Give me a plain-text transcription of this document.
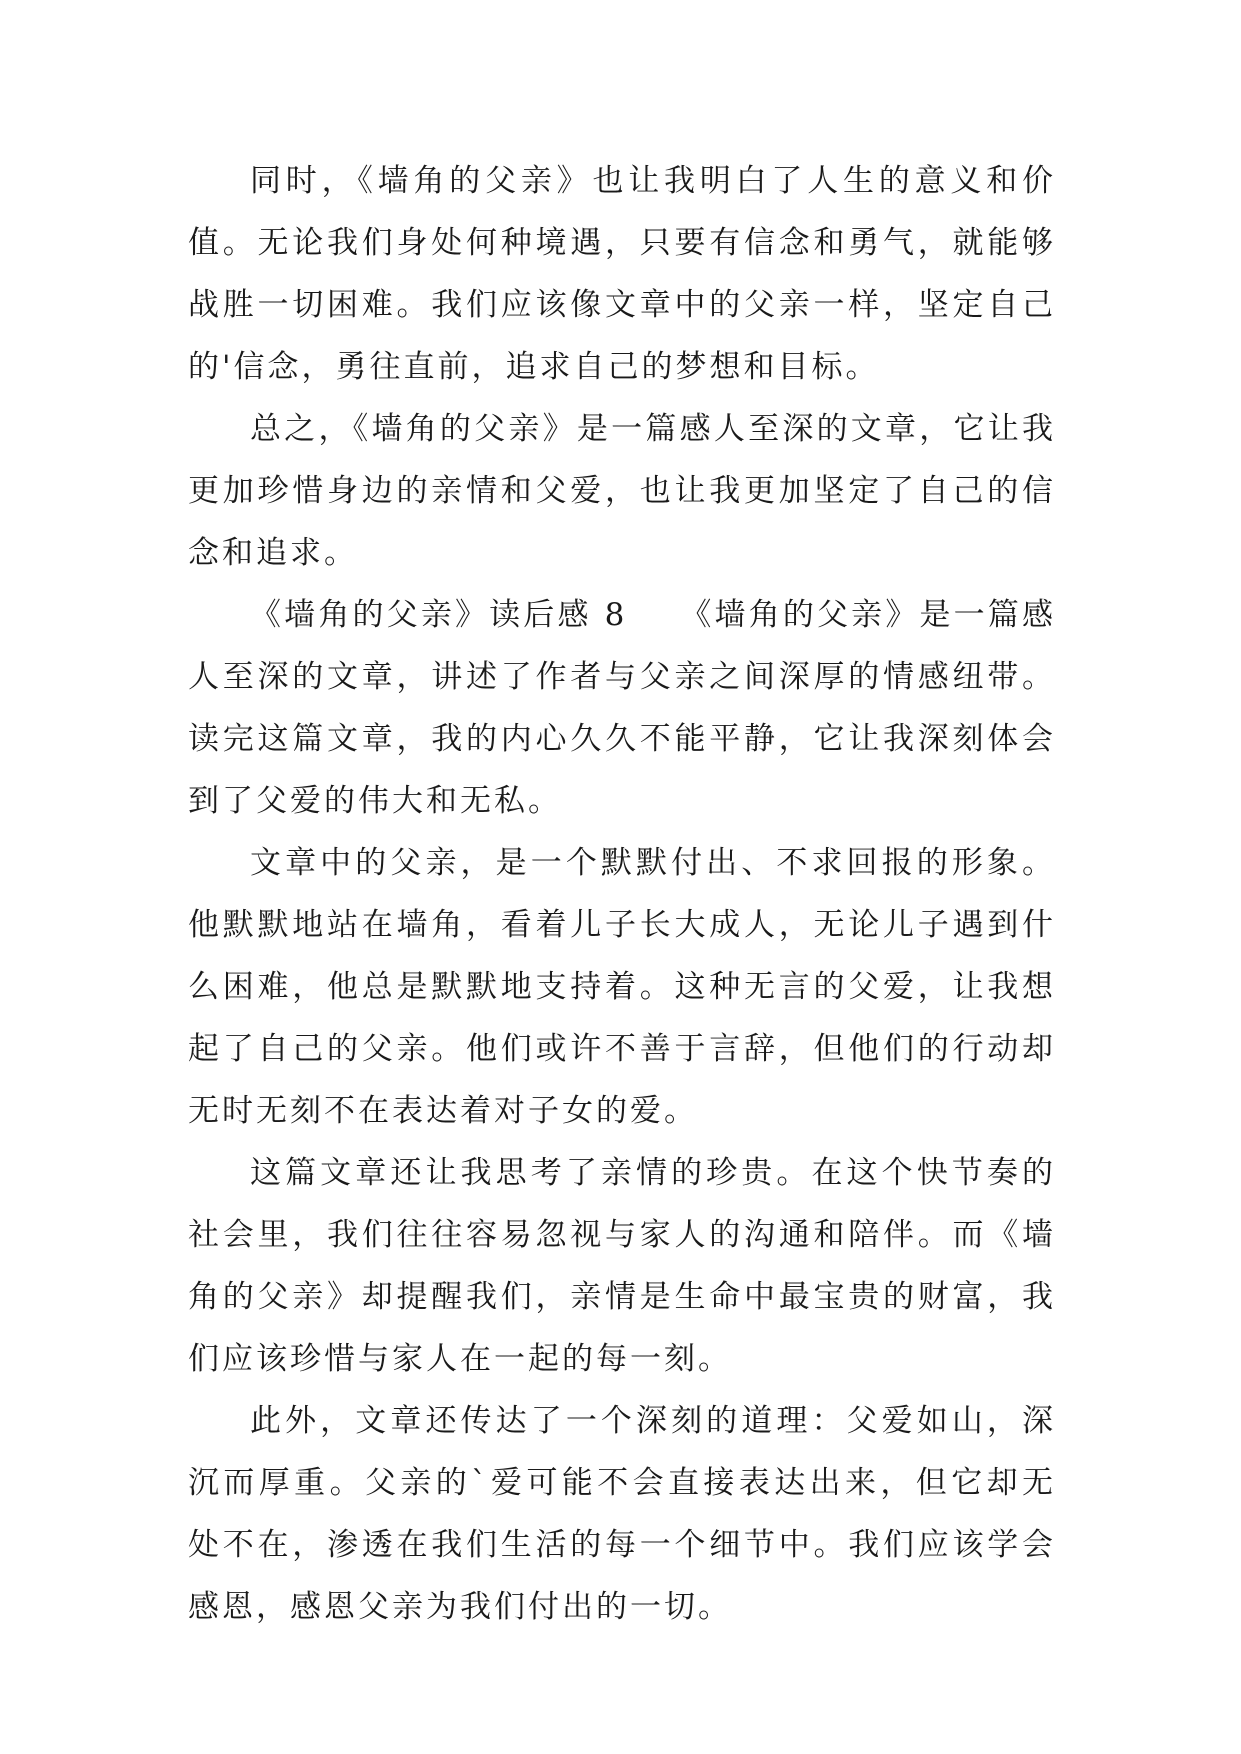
同时，《墙角的父亲》也让我明白了人生的意义和价值。无论我们身处何种境遇，只要有信念和勇气，就能够战胜一切困难。我们应该像文章中的父亲一样，坚定自己的'信念，勇往直前，追求自己的梦想和目标。

总之，《墙角的父亲》是一篇感人至深的文章，它让我更加珍惜身边的亲情和父爱，也让我更加坚定了自己的信念和追求。

《墙角的父亲》读后感 8　　《墙角的父亲》是一篇感人至深的文章，讲述了作者与父亲之间深厚的情感纽带。读完这篇文章，我的内心久久不能平静，它让我深刻体会到了父爱的伟大和无私。

文章中的父亲，是一个默默付出、不求回报的形象。他默默地站在墙角，看着儿子长大成人，无论儿子遇到什么困难，他总是默默地支持着。这种无言的父爱，让我想起了自己的父亲。他们或许不善于言辞，但他们的行动却无时无刻不在表达着对子女的爱。

这篇文章还让我思考了亲情的珍贵。在这个快节奏的社会里，我们往往容易忽视与家人的沟通和陪伴。而《墙角的父亲》却提醒我们，亲情是生命中最宝贵的财富，我们应该珍惜与家人在一起的每一刻。

此外，文章还传达了一个深刻的道理：父爱如山，深沉而厚重。父亲的`爱可能不会直接表达出来，但它却无处不在，渗透在我们生活的每一个细节中。我们应该学会感恩，感恩父亲为我们付出的一切。
